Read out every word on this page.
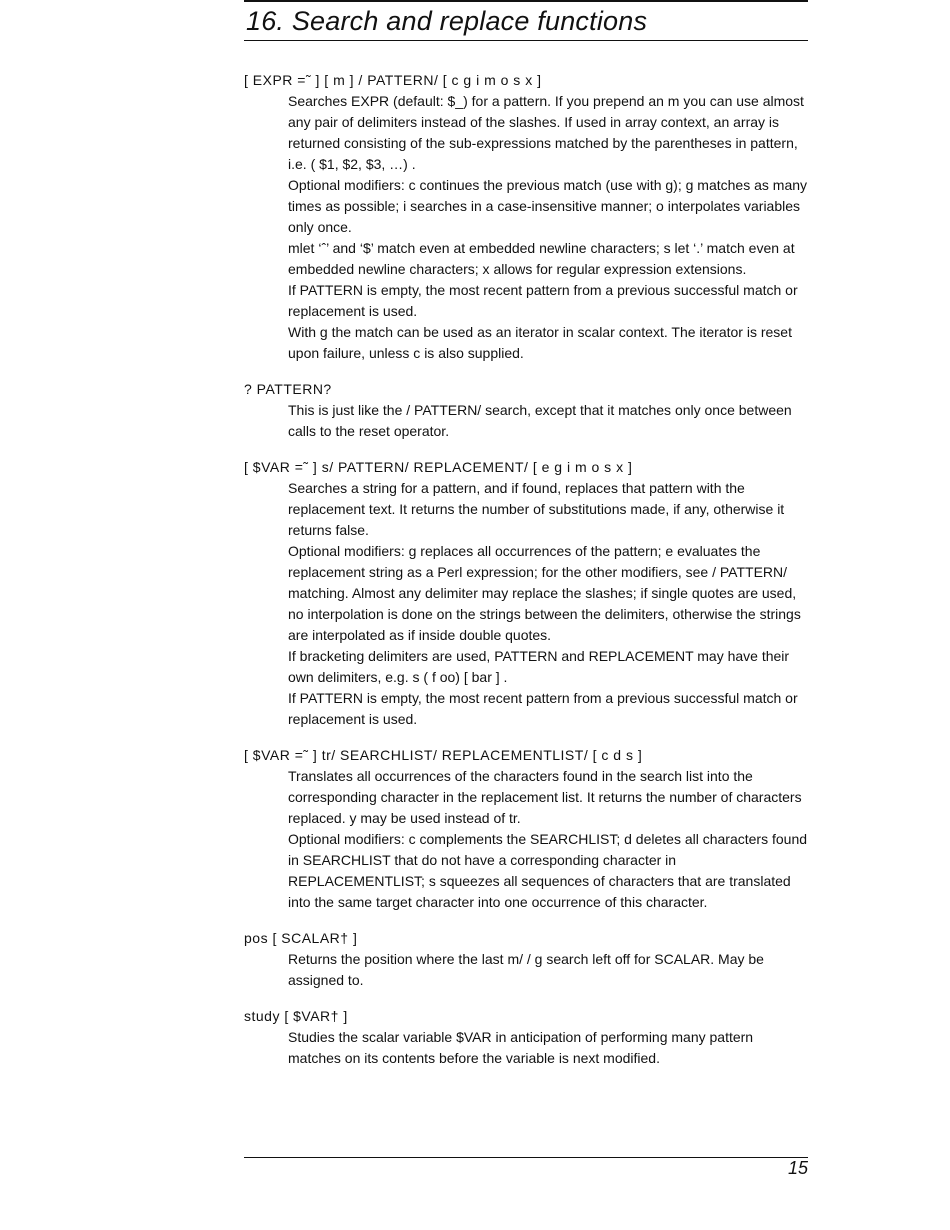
16. Search and replace functions
[ EXPR =˜ ] [ m ] / PATTERN/ [ c g i m o s x ]

Searches EXPR (default: $_) for a pattern. If you prepend an m you can use almost any pair of delimiters instead of the slashes. If used in array context, an array is returned consisting of the sub-expressions matched by the parentheses in pattern, i.e. ( $1, $2, $3, …) .

Optional modifiers: c continues the previous match (use with g); g matches as many times as possible; i searches in a case-insensitive manner; o interpolates variables only once.

mlet ‘ˆ’ and ‘$’ match even at embedded newline characters; s let ‘.’ match even at embedded newline characters; x allows for regular expression extensions.

If PATTERN is empty, the most recent pattern from a previous successful match or replacement is used.

With g the match can be used as an iterator in scalar context. The iterator is reset upon failure, unless c is also supplied.

? PATTERN?

This is just like the / PATTERN/ search, except that it matches only once between calls to the reset operator.

[ $VAR =˜ ] s/ PATTERN/ REPLACEMENT/ [ e g i m o s x ]

Searches a string for a pattern, and if found, replaces that pattern with the replacement text. It returns the number of substitutions made, if any, otherwise it returns false.

Optional modifiers: g replaces all occurrences of the pattern; e evaluates the replacement string as a Perl expression; for the other modifiers, see / PATTERN/ matching. Almost any delimiter may replace the slashes; if single quotes are used, no interpolation is done on the strings between the delimiters, otherwise the strings are interpolated as if inside double quotes.

If bracketing delimiters are used, PATTERN and REPLACEMENT may have their own delimiters, e.g. s ( f oo) [ bar ] .

If PATTERN is empty, the most recent pattern from a previous successful match or replacement is used.

[ $VAR =˜ ] tr/ SEARCHLIST/ REPLACEMENTLIST/ [ c d s ]

Translates all occurrences of the characters found in the search list into the corresponding character in the replacement list. It returns the number of characters replaced. y may be used instead of tr.

Optional modifiers: c complements the SEARCHLIST; d deletes all characters found in SEARCHLIST that do not have a corresponding character in REPLACEMENTLIST; s squeezes all sequences of characters that are translated into the same target character into one occurrence of this character.

pos [ SCALAR† ]

Returns the position where the last m/ / g search left off for SCALAR. May be assigned to.

study [ $VAR† ]

Studies the scalar variable $VAR in anticipation of performing many pattern matches on its contents before the variable is next modified.

15
